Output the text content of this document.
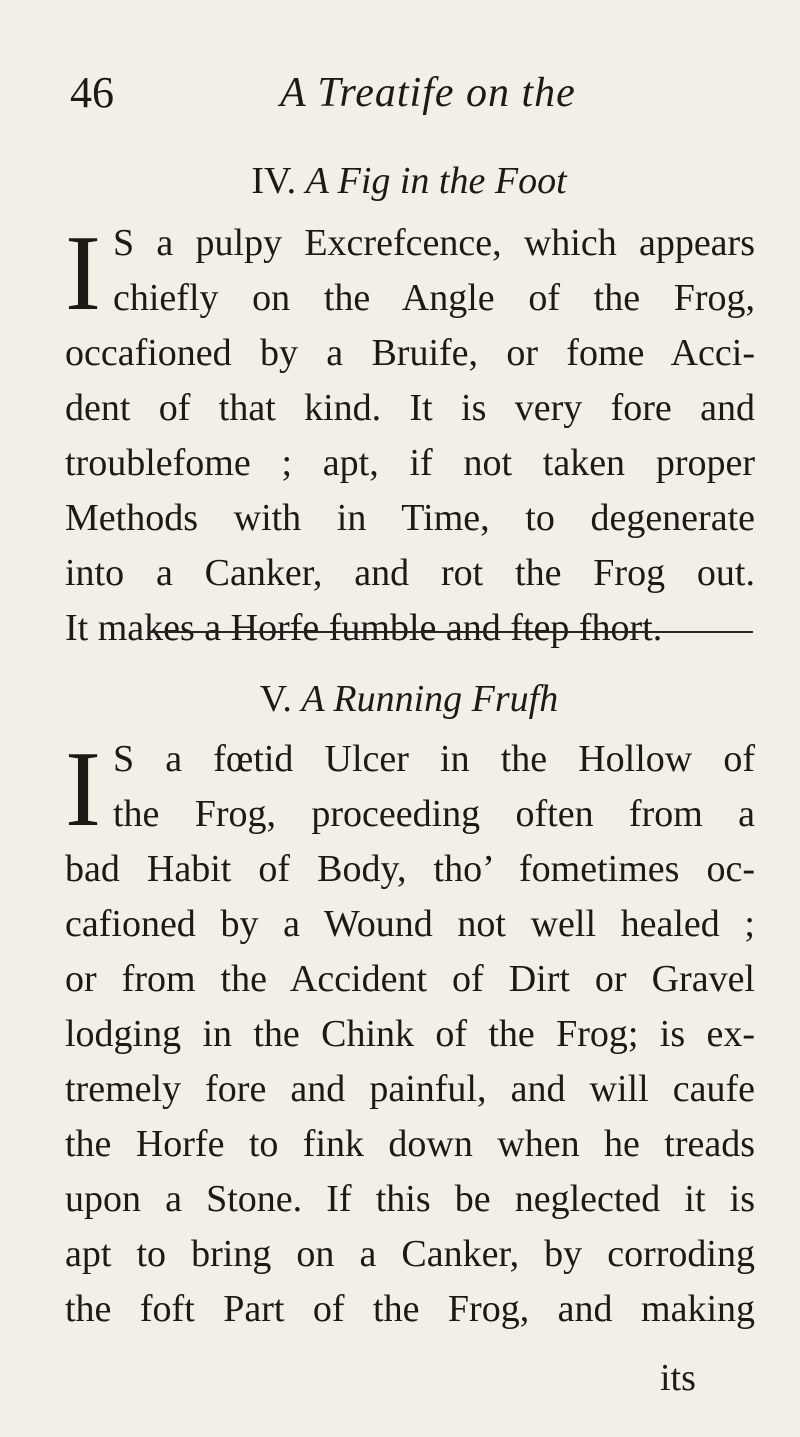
46	A Treatife on the
IV. A Fig in the Foot
I S a pulpy Excrefcence, which appears
chiefly on the Angle of the Frog,
occafioned by a Bruife, or fome Acci-
dent of that kind. It is very fore and
troublefome ; apt, if not taken proper
Methods with in Time, to degenerate
into a Canker, and rot the Frog out.
It makes a Horfe fumble and ftep fhort.
V. A Running Frufh
I S a fœtid Ulcer in the Hollow of
the Frog, proceeding often from a
bad Habit of Body, tho’ fometimes oc-
cafioned by a Wound not well healed ;
or from the Accident of Dirt or Gravel
lodging in the Chink of the Frog; is ex-
tremely fore and painful, and will caufe
the Horfe to fink down when he treads
upon a Stone. If this be neglected it is
apt to bring on a Canker, by corroding
the foft Part of the Frog, and making
its
